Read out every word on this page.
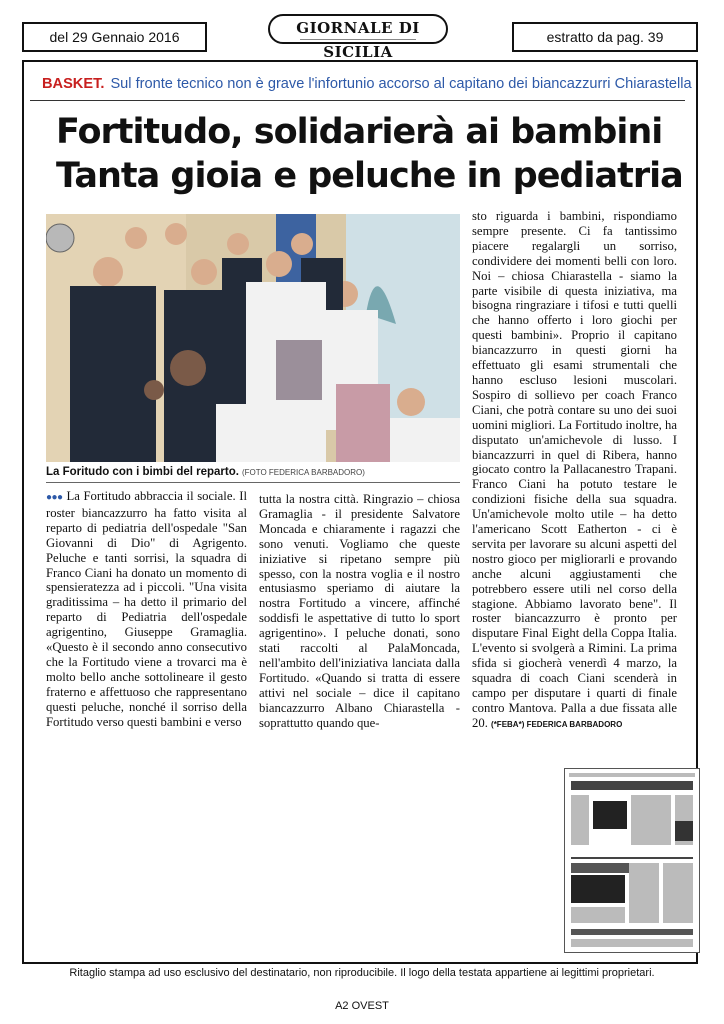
del 29 Gennaio 2016	GIORNALE DI SICILIA
estratto da pag. 39
BASKET. Sul fronte tecnico non è grave l'infortunio accorso al capitano dei biancazzurri Chiarastella
Fortitudo, solidarierà ai bambini
Tanta gioia e peluche in pediatria
La Foritudo con i bimbi del reparto. (FOTO FEDERICA BARBADORO)

●●● La Fortitudo abbraccia il sociale. Il roster biancazzurro ha fatto visita al reparto di pediatria dell'ospedale "San Giovanni di Dio" di Agrigento. Peluche e tanti sorrisi, la squadra di Franco Ciani ha donato un momento di spensieratezza ad i piccoli. "Una visita graditissima – ha detto il primario del reparto di Pediatria dell'ospedale agrigentino, Giuseppe Gramaglia. «Questo è il secondo anno consecutivo che la Fortitudo viene a trovarci ma è molto bello anche sottolineare il gesto fraterno e affettuoso che rappresentano questi peluche, nonché il sorriso della Fortitudo verso questi bambini e verso

tutta la nostra città. Ringrazio – chiosa Gramaglia - il presidente Salvatore Moncada e chiaramente i ragazzi che sono venuti. Vogliamo che queste iniziative si ripetano sempre più spesso, con la nostra voglia e il nostro entusiasmo speriamo di aiutare la nostra Fortitudo a vincere, affinché soddisfi le aspettative di tutto lo sport agrigentino». I peluche donati, sono stati raccolti al PalaMoncada, nell'ambito dell'iniziativa lanciata dalla Fortitudo. «Quando si tratta di essere attivi nel sociale – dice il capitano biancazzurro Albano Chiarastella - soprattutto quando que-

sto riguarda i bambini, rispondiamo sempre presente. Ci fa tantissimo piacere regalargli un sorriso, condividere dei momenti belli con loro. Noi – chiosa Chiarastella - siamo la parte visibile di questa iniziativa, ma bisogna ringraziare i tifosi e tutti quelli che hanno offerto i loro giochi per questi bambini». Proprio il capitano biancazzurro in questi giorni ha effettuato gli esami strumentali che hanno escluso lesioni muscolari. Sospiro di sollievo per coach Franco Ciani, che potrà contare su uno dei suoi uomini migliori. La Fortitudo inoltre, ha disputato un'amichevole di lusso. I biancazzurri in quel di Ribera, hanno giocato contro la Pallacanestro Trapani. Franco Ciani ha potuto testare le condizioni fisiche della sua squadra. Un'amichevole molto utile – ha detto l'americano Scott Eatherton - ci è servita per lavorare su alcuni aspetti del nostro gioco per migliorarli e provando anche alcuni aggiustamenti che potrebbero essere utili nel corso della stagione. Abbiamo lavorato bene". Il roster biancazzurro è pronto per disputare Final Eight della Coppa Italia. L'evento si svolgerà a Rimini. La prima sfida si giocherà venerdì 4 marzo, la squadra di coach Ciani scenderà in campo per disputare i quarti di finale contro Mantova. Palla a due fissata alle 20. (*FEBA*) FEDERICA BARBADORO

Ritaglio stampa ad uso esclusivo del destinatario, non riproducibile. Il logo della testata appartiene ai legittimi proprietari.
A2 OVEST
